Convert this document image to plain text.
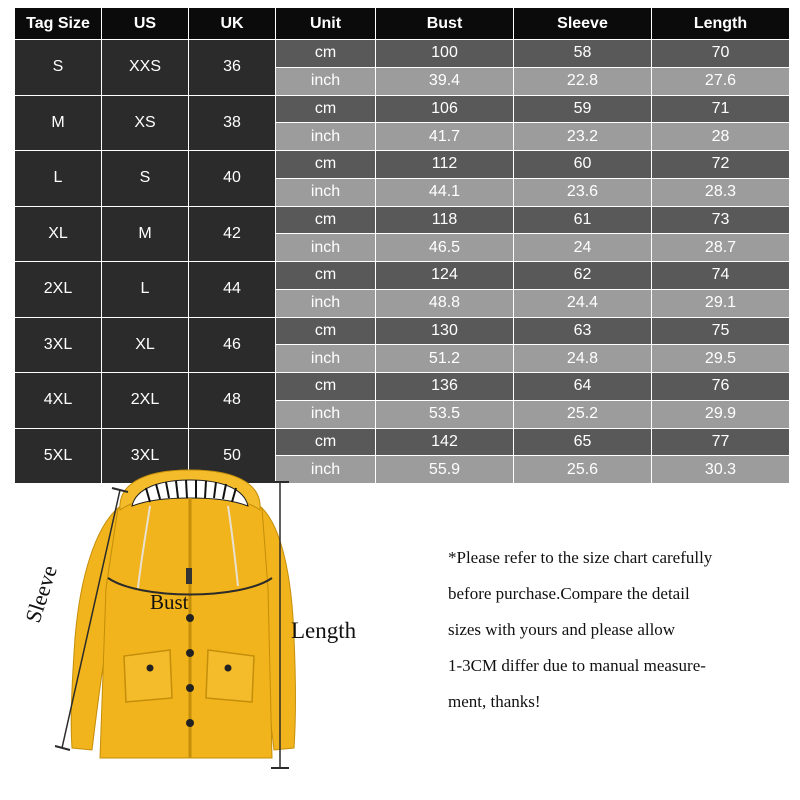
Tag Size	US	UK	Unit	Bust	Sleeve	Length
S	XXS	36
cm	100	58	70
inch	39.4	22.8	27.6
M	XS	38
cm	106	59	71
inch	41.7	23.2	28
L	S	40
cm	112	60	72
inch	44.1	23.6	28.3
XL	M	42
cm	118	61	73
inch	46.5	24	28.7
2XL	L	44
cm	124	62	74
inch	48.8	24.4	29.1
3XL	XL	46
cm	130	63	75
inch	51.2	24.8	29.5
4XL	2XL	48
cm	136	64	76
inch	53.5	25.2	29.9
5XL	3XL	50
cm	142	65	77
inch	55.9	25.6	30.3
Bust
Sleeve
Length
*Please refer to the size chart carefully
before purchase.Compare the detail
sizes with yours and please allow
1-3CM differ due to manual measure-
ment, thanks!
